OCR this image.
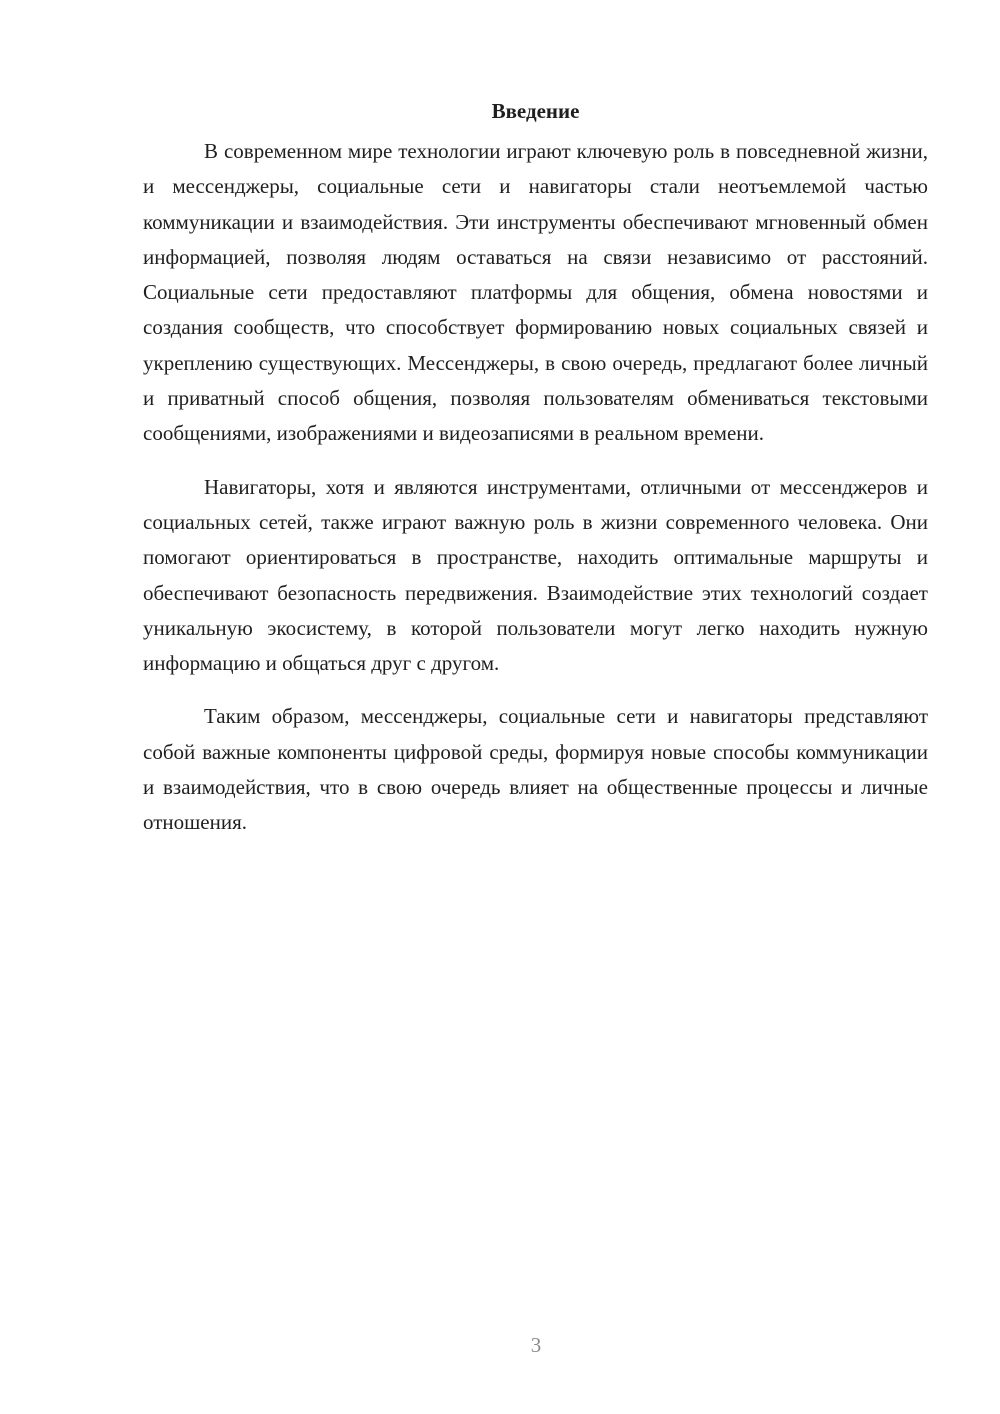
Введение

В современном мире технологии играют ключевую роль в повседневной жизни, и мессенджеры, социальные сети и навигаторы стали неотъемлемой частью коммуникации и взаимодействия. Эти инструменты обеспечивают мгновенный обмен информацией, позволяя людям оставаться на связи независимо от расстояний. Социальные сети предоставляют платформы для общения, обмена новостями и создания сообществ, что способствует формированию новых социальных связей и укреплению существующих. Мессенджеры, в свою очередь, предлагают более личный и приватный способ общения, позволяя пользователям обмениваться текстовыми сообщениями, изображениями и видеозаписями в реальном времени.

Навигаторы, хотя и являются инструментами, отличными от мессенджеров и социальных сетей, также играют важную роль в жизни современного человека. Они помогают ориентироваться в пространстве, находить оптимальные маршруты и обеспечивают безопасность передвижения. Взаимодействие этих технологий создает уникальную экосистему, в которой пользователи могут легко находить нужную информацию и общаться друг с другом.

Таким образом, мессенджеры, социальные сети и навигаторы представляют собой важные компоненты цифровой среды, формируя новые способы коммуникации и взаимодействия, что в свою очередь влияет на общественные процессы и личные отношения.

3
